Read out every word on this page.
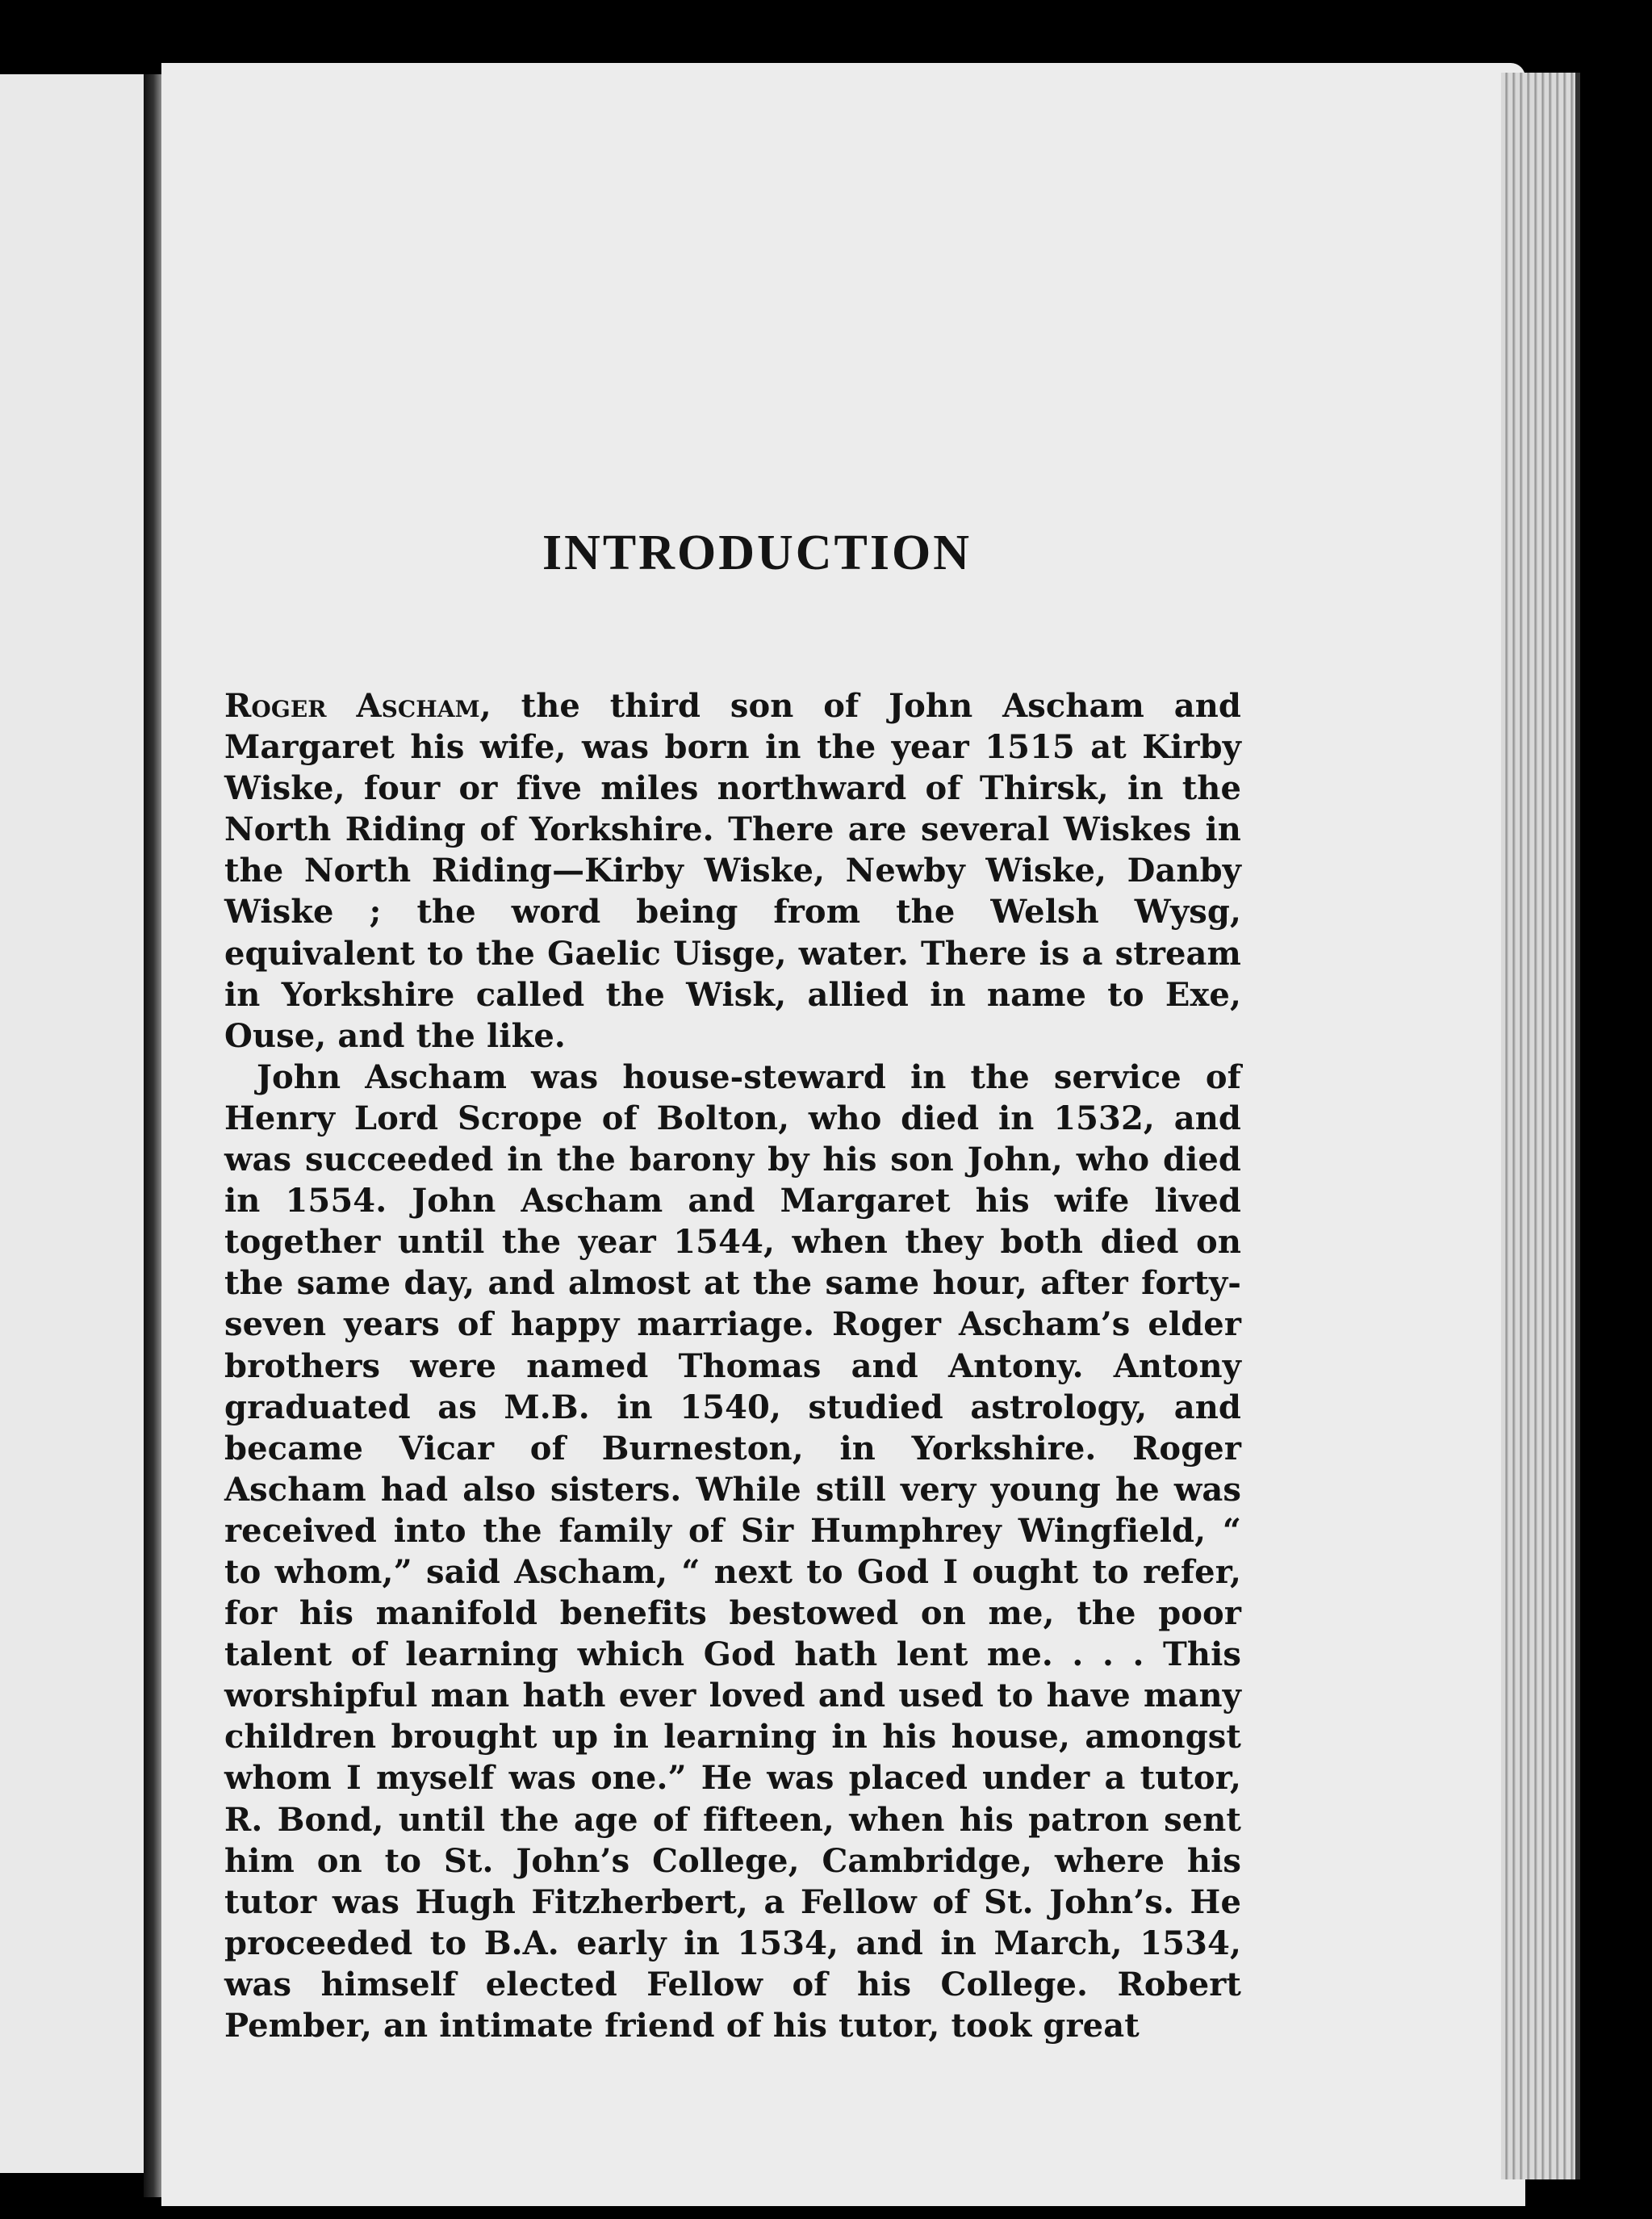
INTRODUCTION

Roger Ascham, the third son of John Ascham and Margaret his wife, was born in the year 1515 at Kirby Wiske, four or five miles northward of Thirsk, in the North Riding of Yorkshire. There are several Wiskes in the North Riding—Kirby Wiske, Newby Wiske, Danby Wiske ; the word being from the Welsh Wysg, equivalent to the Gaelic Uisge, water. There is a stream in Yorkshire called the Wisk, allied in name to Exe, Ouse, and the like.

John Ascham was house-steward in the service of Henry Lord Scrope of Bolton, who died in 1532, and was succeeded in the barony by his son John, who died in 1554. John Ascham and Margaret his wife lived together until the year 1544, when they both died on the same day, and almost at the same hour, after forty-seven years of happy marriage. Roger Ascham’s elder brothers were named Thomas and Antony. Antony graduated as M.B. in 1540, studied astrology, and became Vicar of Burneston, in Yorkshire. Roger Ascham had also sisters. While still very young he was received into the family of Sir Humphrey Wingfield, “ to whom,” said Ascham, “ next to God I ought to refer, for his manifold benefits bestowed on me, the poor talent of learning which God hath lent me. . . . This worshipful man hath ever loved and used to have many children brought up in learning in his house, amongst whom I myself was one.” He was placed under a tutor, R. Bond, until the age of fifteen, when his patron sent him on to St. John’s College, Cambridge, where his tutor was Hugh Fitzherbert, a Fellow of St. John’s. He proceeded to B.A. early in 1534, and in March, 1534, was himself elected Fellow of his College. Robert Pember, an intimate friend of his tutor, took great
